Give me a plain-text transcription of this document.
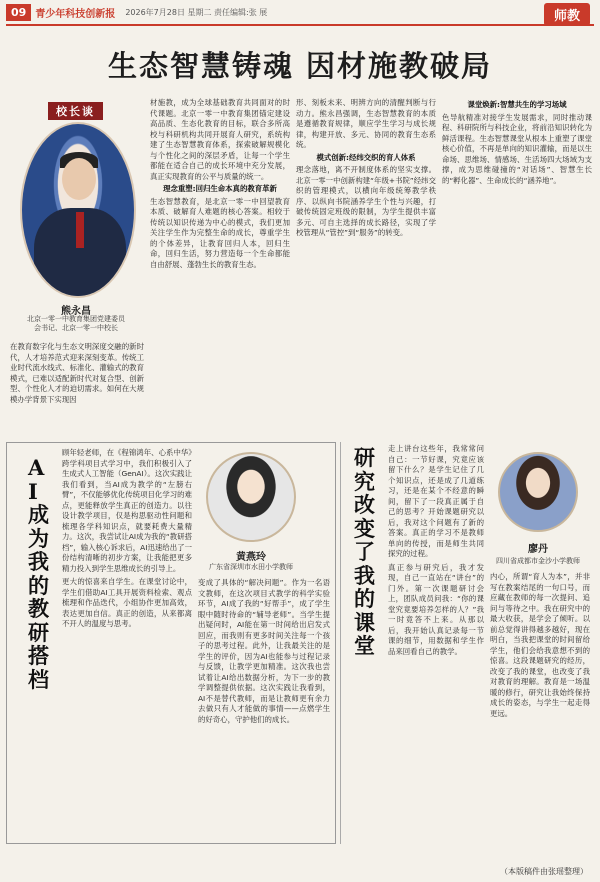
09 青少年科技创新报 2026年7月28日 星期二 责任编辑:张 展	师教
生态智慧铸魂 因材施教破局
校长谈
熊永昌
北京一零一中教育集团党建委员
会书记、北京一零一中校长
在教育数字化与生态文明深度交融的新时代，人才培养范式迎来深刻变革。传统工业时代流水线式、标准化、灌输式的教育模式，已难以适配新时代对复合型、创新型、个性化人才的迫切需求。如何在大规模办学背景下实现因
材施教，成为全球基础教育共同面对的时代课题。北京一零一中教育集团锚定建设高品质、生态化教育的目标，联合多所高校与科研机构共同开展育人研究，系统构建了生态智慧教育体系，探索破解规模化与个性化之间的深层矛盾，让每一个学生都能在适合自己的成长环境中充分发展，真正实现教育的公平与质量的统一。
理念重塑:回归生命本真的教育革新
生态智慧教育，是北京一零一中回望教育本质、破解育人难题的核心答案。相较于传统以知识传递为中心的模式，我们更加关注学生作为完整生命的成长，尊重学生的个体差异，让教育回归人本，回归生命，回归生活，努力营造每一个生命都能自由舒展、蓬勃生长的教育生态。
形、刻板未来、明辨方向的清醒判断与行动力。熊永昌强调，生态智慧教育的本质是遵循教育规律，顺应学生学习与成长规律，构建开放、多元、协同的教育生态系统。
模式创新:经纬交织的育人体系
理念落地，离不开制度体系的坚实支撑。北京一零一中创新构建“年级+书院”经纬交织的管理模式，以横向年级统筹教学秩序、以纵向书院涵养学生个性与兴趣，打破传统固定班级的限制，为学生提供丰富多元、可自主选择的成长路径，实现了学校管理从“管控”到“服务”的转变。
课堂焕新:智慧共生的学习场域
色导航精准对接学生发展需求，同时推动课程、科研院所与科技企业，将前沿知识转化为鲜活课程。生态智慧课堂从根本上重塑了课堂核心价值，不再是单向的知识灌输，而是以生命场、思维场、情感场、生活场四大场域为支撑，成为思维碰撞的“对话场”、智慧生长的“孵化器”、生命成长的“涵养地”。
AI成为我的教研搭档
顾年轻老师，在《程锦鸿年、心系中华》跨学科项目式学习中，我们积极引入了生成式人工智能（GenAI）。这次实践让我们看到，当AI成为教学的“左膀右臂”，不仅能够优化传统项目化学习的难点，更能释放学生真正的创造力。以往设计教学项目，仅是构思驱动性问题和梳理各学科知识点，就要耗费大量精力。这次，我尝试让AI成为我的“教研搭档”，输入核心诉求后，AI迅速给出了一份结构清晰的初步方案，让我能把更多精力投入到学生思维成长的引导上。
更大的惊喜来自学生。在课堂讨论中，学生们借助AI工具开展资料检索、观点梳理和作品迭代，小组协作更加高效，表达更加自信。真正的创造，从来都离不开人的温度与思考。
黄燕玲
广东省深圳市水田小学教师
变成了具体的“解决问题”。作为一名语文教师，在这次项目式教学的科学实验环节，AI成了我的“好帮手”，成了学生眼中随时待命的“辅导老师”。当学生提出疑问时，AI能在第一时间给出启发式回应，而我则有更多时间关注每一个孩子的思考过程。此外，让我最关注的是学生的评价，因为AI也能参与过程记录与反馈，让教学更加精准。这次我也尝试着让AI给出数据分析，为下一步的教学调整提供依据。这次实践让我看到，AI不是替代教师，而是让教师更有余力去做只有人才能做的事情——点燃学生的好奇心，守护他们的成长。
研究改变了我的课堂
走上讲台这些年，我常常问自己：一节好课，究竟应该留下什么？是学生记住了几个知识点，还是成了几道练习，还是在某个不经意的瞬间，留下了一段真正属于自己的思考？开始课题研究以后，我对这个问题有了新的答案。真正的学习不是教师单向的传授，而是师生共同探究的过程。
真正参与研究后，我才发现，自己一直站在“讲台”的门外。第一次课题研讨会上，团队成员问我：“你的课堂究竟要培养怎样的人？”我一时竟答不上来。从那以后，我开始认真记录每一节课的细节，用数据和学生作品来回看自己的教学。
廖丹
四川省成都市金沙小学教师
内心，所谓“育人为本”，并非写在教案结尾的一句口号，而应藏在教师的每一次提问、追问与等待之中。我在研究中的最大收获，是学会了倾听。以前总觉得讲得越多越好，现在明白，当我把课堂的时间留给学生，他们会给我意想不到的惊喜。这段课题研究的经历，改变了我的课堂，也改变了我对教育的理解。教育是一场温暖的修行，研究让我始终保持成长的姿态，与学生一起走得更远。
（本版稿件由张瑶整理）
